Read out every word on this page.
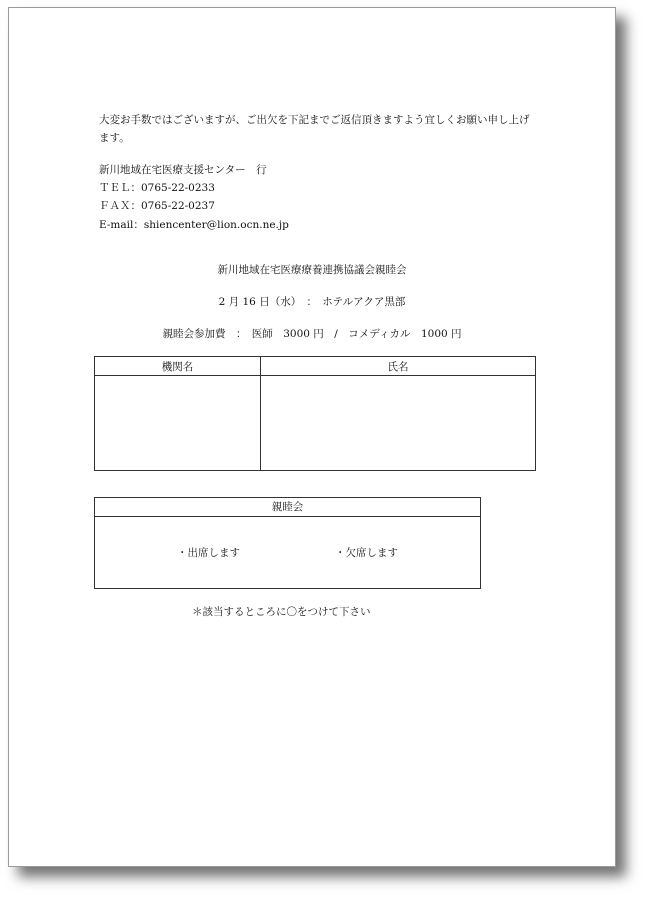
大変お手数ではございますが、ご出欠を下記までご返信頂きますよう宜しくお願い申し上げます。
新川地域在宅医療支援センター　行
ＴＥＬ：0765-22-0233
ＦＡＸ：0765-22-0237
E-mail：shiencenter@lion.ocn.ne.jp
新川地域在宅医療療養連携協議会親睦会
2 月 16 日（水）　：　ホテルアクア黒部
親睦会参加費　：　医師　3000 円　/　コメディカル　1000 円
機関名	氏名
親睦会
・出席します	・欠席します
＊該当するところに〇をつけて下さい
